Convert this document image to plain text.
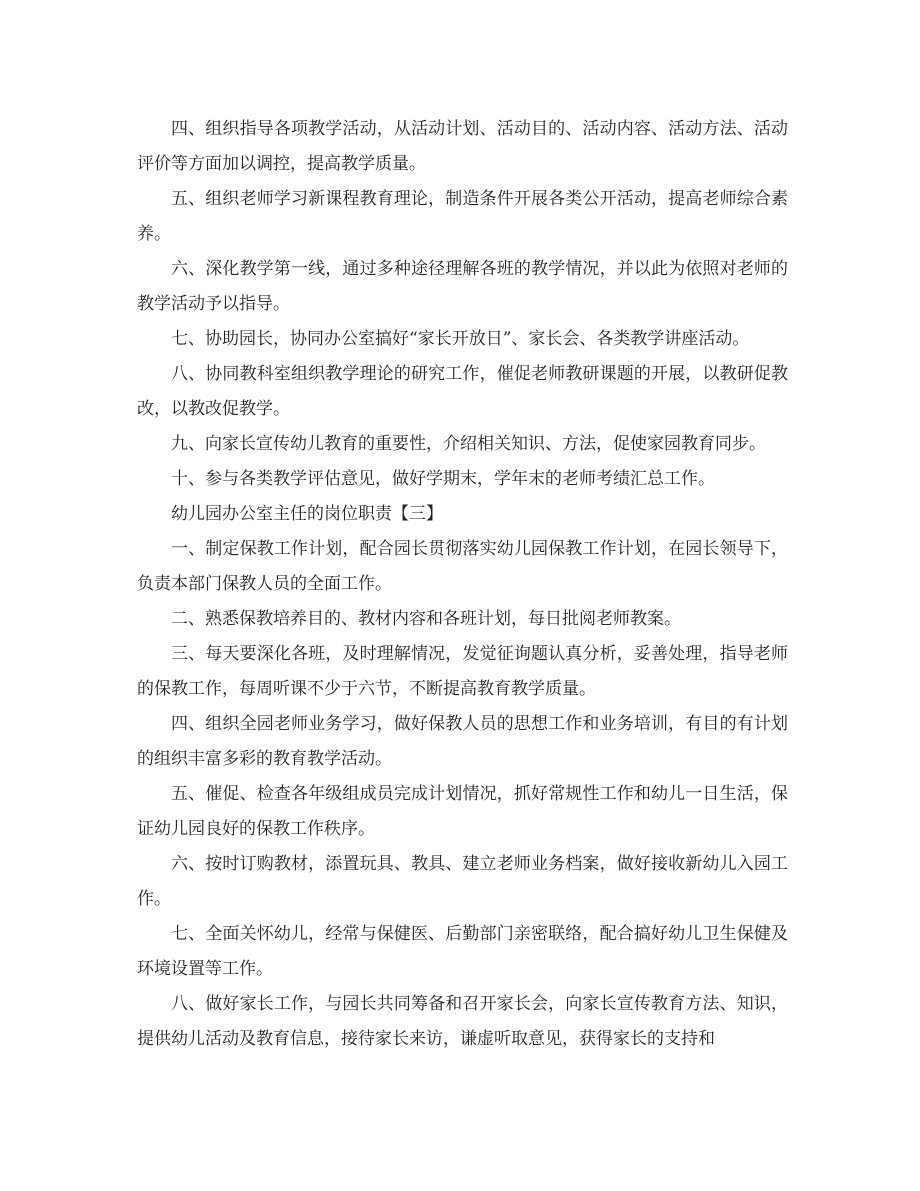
四、组织指导各项教学活动，从活动计划、活动目的、活动内容、活动方法、活动评价等方面加以调控，提高教学质量。

五、组织老师学习新课程教育理论，制造条件开展各类公开活动，提高老师综合素养。

六、深化教学第一线，通过多种途径理解各班的教学情况，并以此为依照对老师的教学活动予以指导。

七、协助园长，协同办公室搞好“家长开放日”、家长会、各类教学讲座活动。

八、协同教科室组织教学理论的研究工作，催促老师教研课题的开展，以教研促教改，以教改促教学。

九、向家长宣传幼儿教育的重要性，介绍相关知识、方法，促使家园教育同步。

十、参与各类教学评估意见，做好学期末，学年末的老师考绩汇总工作。

幼儿园办公室主任的岗位职责【三】

一、制定保教工作计划，配合园长贯彻落实幼儿园保教工作计划，在园长领导下，负责本部门保教人员的全面工作。

二、熟悉保教培养目的、教材内容和各班计划，每日批阅老师教案。

三、每天要深化各班，及时理解情况，发觉征询题认真分析，妥善处理，指导老师的保教工作，每周听课不少于六节，不断提高教育教学质量。

四、组织全园老师业务学习，做好保教人员的思想工作和业务培训，有目的有计划的组织丰富多彩的教育教学活动。

五、催促、检查各年级组成员完成计划情况，抓好常规性工作和幼儿一日生活，保证幼儿园良好的保教工作秩序。

六、按时订购教材，添置玩具、教具、建立老师业务档案，做好接收新幼儿入园工作。

七、全面关怀幼儿，经常与保健医、后勤部门亲密联络，配合搞好幼儿卫生保健及环境设置等工作。

八、做好家长工作，与园长共同筹备和召开家长会，向家长宣传教育方法、知识，提供幼儿活动及教育信息，接待家长来访，谦虚听取意见，获得家长的支持和
